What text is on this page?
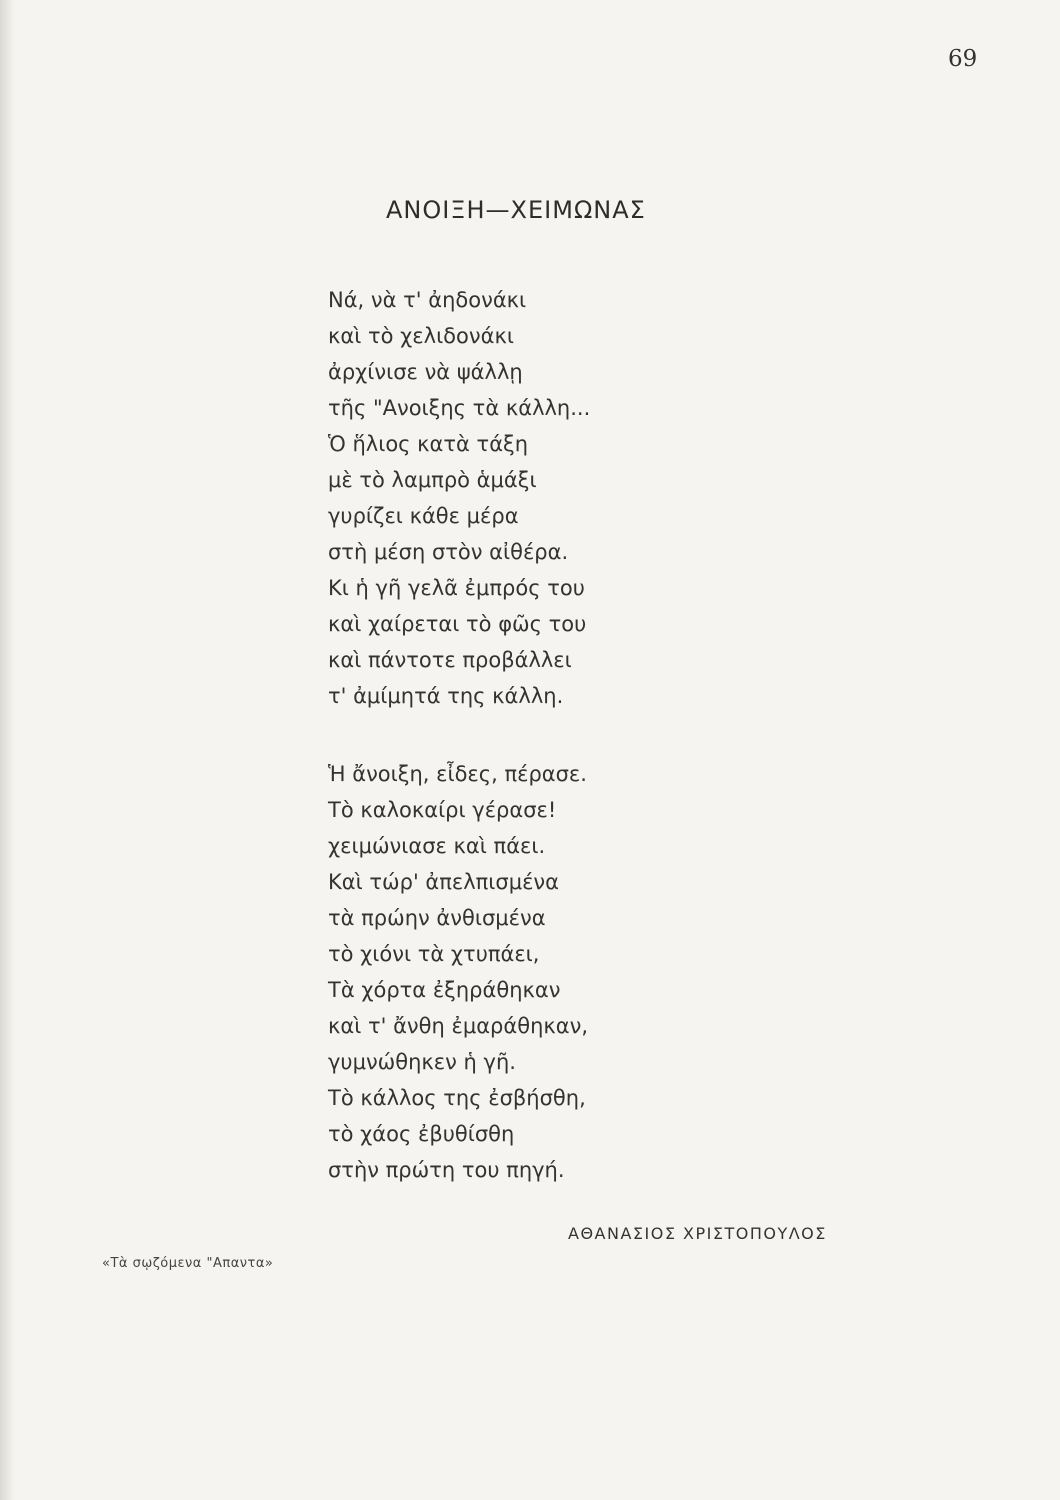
69
ΑΝΟΙΞΗ—ΧΕΙΜΩΝΑΣ
Νά, νὰ τ' ἀηδονάκι
καὶ τὸ χελιδονάκι
ἀρχίνισε νὰ ψάλλῃ
τῆς "Ανοιξης τὰ κάλλη...
Ὁ ἥλιος κατὰ τάξη
μὲ τὸ λαμπρὸ ἁμάξι
γυρίζει κάθε μέρα
στὴ μέση στὸν αἰθέρα.
Κι ἡ γῆ γελᾶ ἐμπρός του
καὶ χαίρεται τὸ φῶς του
καὶ πάντοτε προβάλλει
τ' ἀμίμητά της κάλλη.
Ἡ ἄνοιξη, εἶδες, πέρασε.
Τὸ καλοκαίρι γέρασε!
χειμώνιασε καὶ πάει.
Καὶ τώρ' ἀπελπισμένα
τὰ πρώην ἀνθισμένα
τὸ χιόνι τὰ χτυπάει,
Τὰ χόρτα ἐξηράθηκαν
καὶ τ' ἄνθη ἐμαράθηκαν,
γυμνώθηκεν ἡ γῆ.
Τὸ κάλλος της ἐσβήσθη,
τὸ χάος ἐβυθίσθη
στὴν πρώτη του πηγή.
ΑΘΑΝΑΣΙΟΣ ΧΡΙΣΤΟΠΟΥΛΟΣ
«Τὰ σῳζόμενα "Απαντα»
